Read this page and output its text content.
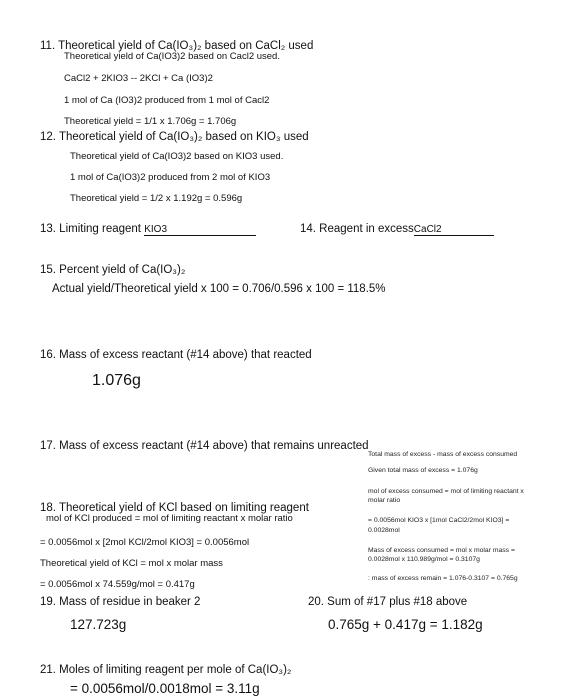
11. Theoretical yield of Ca(IO₃)₂ based on CaCl₂ used
Theoretical yield of Ca(IO3)2 based on Cacl2 used.
CaCl2 + 2KIO3 -- 2KCl + Ca (IO3)2
1 mol of Ca (IO3)2 produced from 1 mol of Cacl2
Theoretical yield = 1/1 x 1.706g = 1.706g
12. Theoretical yield of Ca(IO₃)₂ based on KIO₃ used
Theoretical yield of Ca(IO3)2 based on KIO3 used.
1 mol of Ca(IO3)2 produced from 2 mol of KIO3
Theoretical yield = 1/2 x 1.192g = 0.596g
13. Limiting reagent KIO3	14. Reagent in excessCaCl2
15. Percent yield of Ca(IO₃)₂
Actual yield/Theoretical yield x 100 = 0.706/0.596 x 100 = 118.5%
16. Mass of excess reactant (#14 above) that reacted
1.076g
17. Mass of excess reactant (#14 above) that remains unreacted
Total mass of excess - mass of excess consumed
Given total mass of excess = 1.076g
mol of excess consumed = mol of limiting reactant x
molar ratio
= 0.0056mol KIO3 x [1mol CaCl2/2mol KIO3] =
0.0028mol
Mass of excess consumed = mol x molar mass =
0.0028mol x 110.989g/mol = 0.3107g
: mass of excess remain = 1.076-0.3107 = 0.765g
18. Theoretical yield of KCl based on limiting reagent
mol of KCl produced = mol of limiting reactant x molar ratio
= 0.0056mol x [2mol KCl/2mol KIO3] = 0.0056mol
Theoretical yield of KCl = mol x molar mass
= 0.0056mol x 74.559g/mol = 0.417g
19. Mass of residue in beaker 2
127.723g
20. Sum of #17 plus #18 above
0.765g + 0.417g = 1.182g
21. Moles of limiting reagent per mole of Ca(IO₃)₂
= 0.0056mol/0.0018mol = 3.11g
